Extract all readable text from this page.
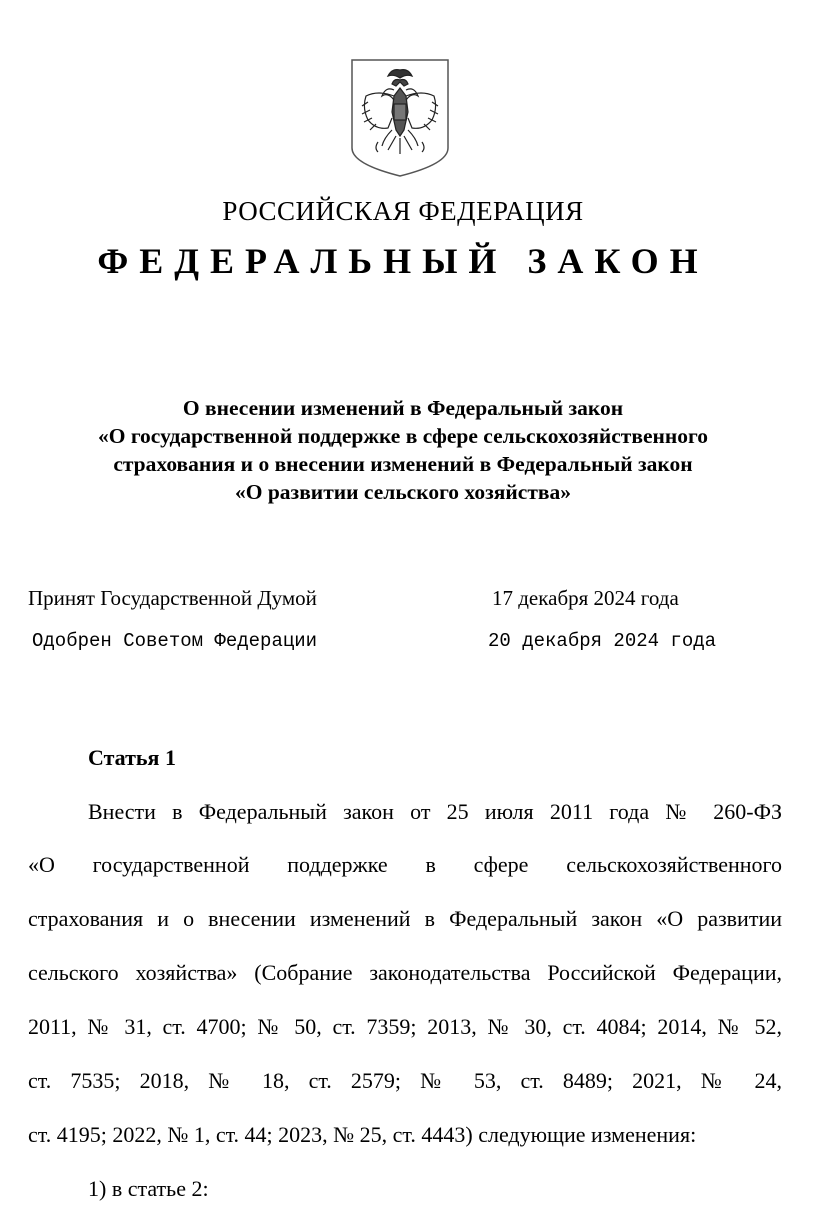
РОССИЙСКАЯ ФЕДЕРАЦИЯ
ФЕДЕРАЛЬНЫЙ ЗАКОН
О внесении изменений в Федеральный закон
«О государственной поддержке в сфере сельскохозяйственного
страхования и о внесении изменений в Федеральный закон
«О развитии сельского хозяйства»
Принят Государственной Думой	17 декабря 2024 года
Одобрен Советом Федерации	20 декабря 2024 года
Статья 1
Внести в Федеральный закон от 25 июля 2011 года № 260-ФЗ
«О государственной поддержке в сфере сельскохозяйственного
страхования и о внесении изменений в Федеральный закон «О развитии
сельского хозяйства» (Собрание законодательства Российской Федерации,
2011, № 31, ст. 4700; № 50, ст. 7359; 2013, № 30, ст. 4084; 2014, № 52,
ст. 7535; 2018, № 18, ст. 2579; № 53, ст. 8489; 2021, № 24,
ст. 4195; 2022, № 1, ст. 44; 2023, № 25, ст. 4443) следующие изменения:
1) в статье 2:
